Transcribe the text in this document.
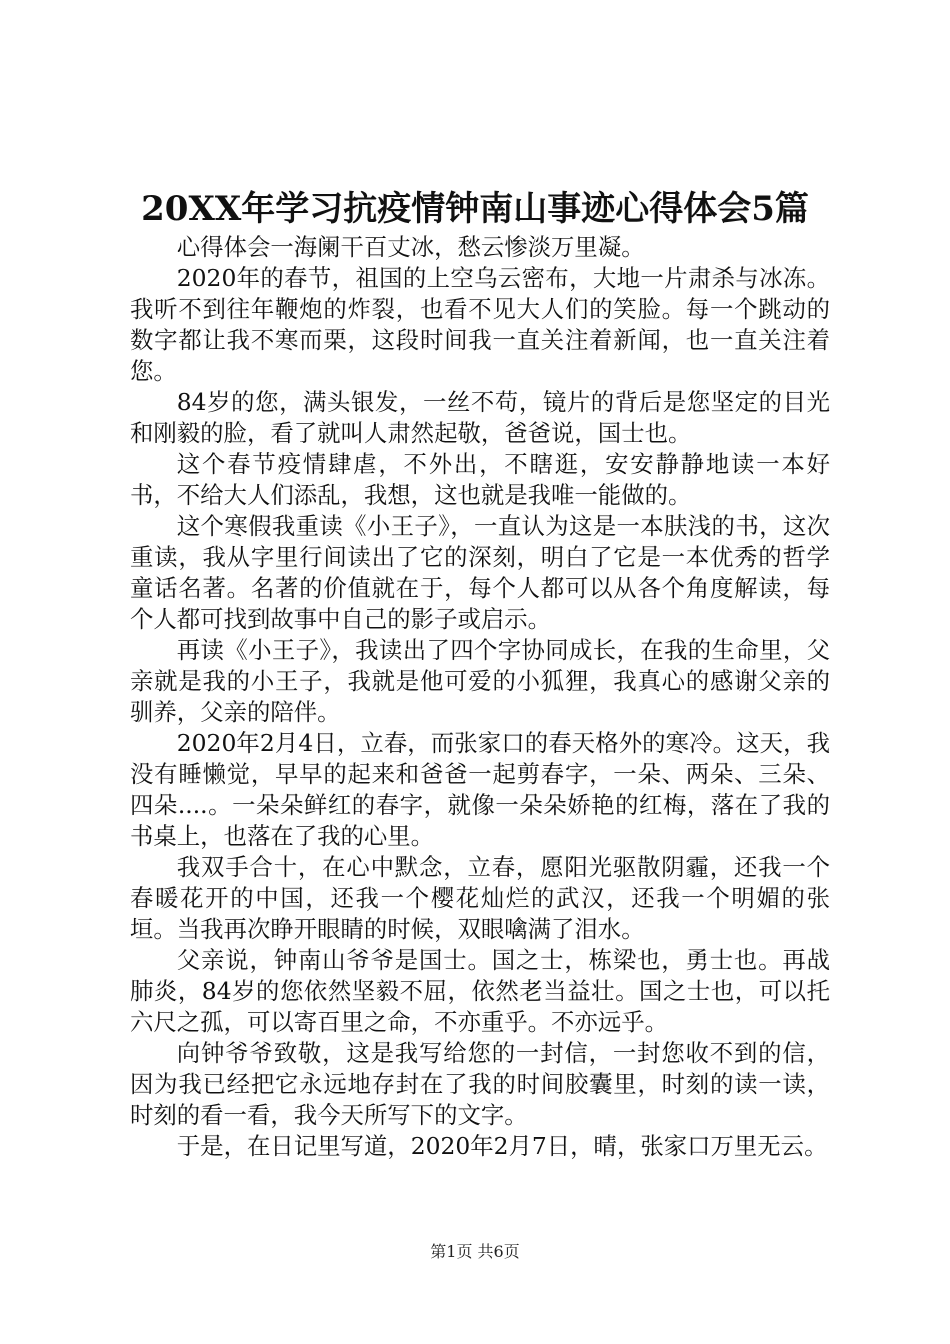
20XX年学习抗疫情钟南山事迹心得体会5篇

心得体会一海阑干百丈冰，愁云惨淡万里凝。

2020年的春节，祖国的上空乌云密布，大地一片肃杀与冰冻。我听不到往年鞭炮的炸裂，也看不见大人们的笑脸。每一个跳动的数字都让我不寒而栗，这段时间我一直关注着新闻，也一直关注着您。

84岁的您，满头银发，一丝不苟，镜片的背后是您坚定的目光和刚毅的脸，看了就叫人肃然起敬，爸爸说，国士也。

这个春节疫情肆虐，不外出，不瞎逛，安安静静地读一本好书，不给大人们添乱，我想，这也就是我唯一能做的。

这个寒假我重读《小王子》，一直认为这是一本肤浅的书，这次重读，我从字里行间读出了它的深刻，明白了它是一本优秀的哲学童话名著。名著的价值就在于，每个人都可以从各个角度解读，每个人都可找到故事中自己的影子或启示。

再读《小王子》，我读出了四个字协同成长，在我的生命里，父亲就是我的小王子，我就是他可爱的小狐狸，我真心的感谢父亲的驯养，父亲的陪伴。

2020年2月4日，立春，而张家口的春天格外的寒冷。这天，我没有睡懒觉，早早的起来和爸爸一起剪春字，一朵、两朵、三朵、四朵....。一朵朵鲜红的春字，就像一朵朵娇艳的红梅，落在了我的书桌上，也落在了我的心里。

我双手合十，在心中默念，立春，愿阳光驱散阴霾，还我一个春暖花开的中国，还我一个樱花灿烂的武汉，还我一个明媚的张垣。当我再次睁开眼睛的时候，双眼噙满了泪水。

父亲说，钟南山爷爷是国士。国之士，栋梁也，勇士也。再战肺炎，84岁的您依然坚毅不屈，依然老当益壮。国之士也，可以托六尺之孤，可以寄百里之命，不亦重乎。不亦远乎。

向钟爷爷致敬，这是我写给您的一封信，一封您收不到的信，因为我已经把它永远地存封在了我的时间胶囊里，时刻的读一读，时刻的看一看，我今天所写下的文字。

于是，在日记里写道，2020年2月7日，晴，张家口万里无云。

第1页 共6页
